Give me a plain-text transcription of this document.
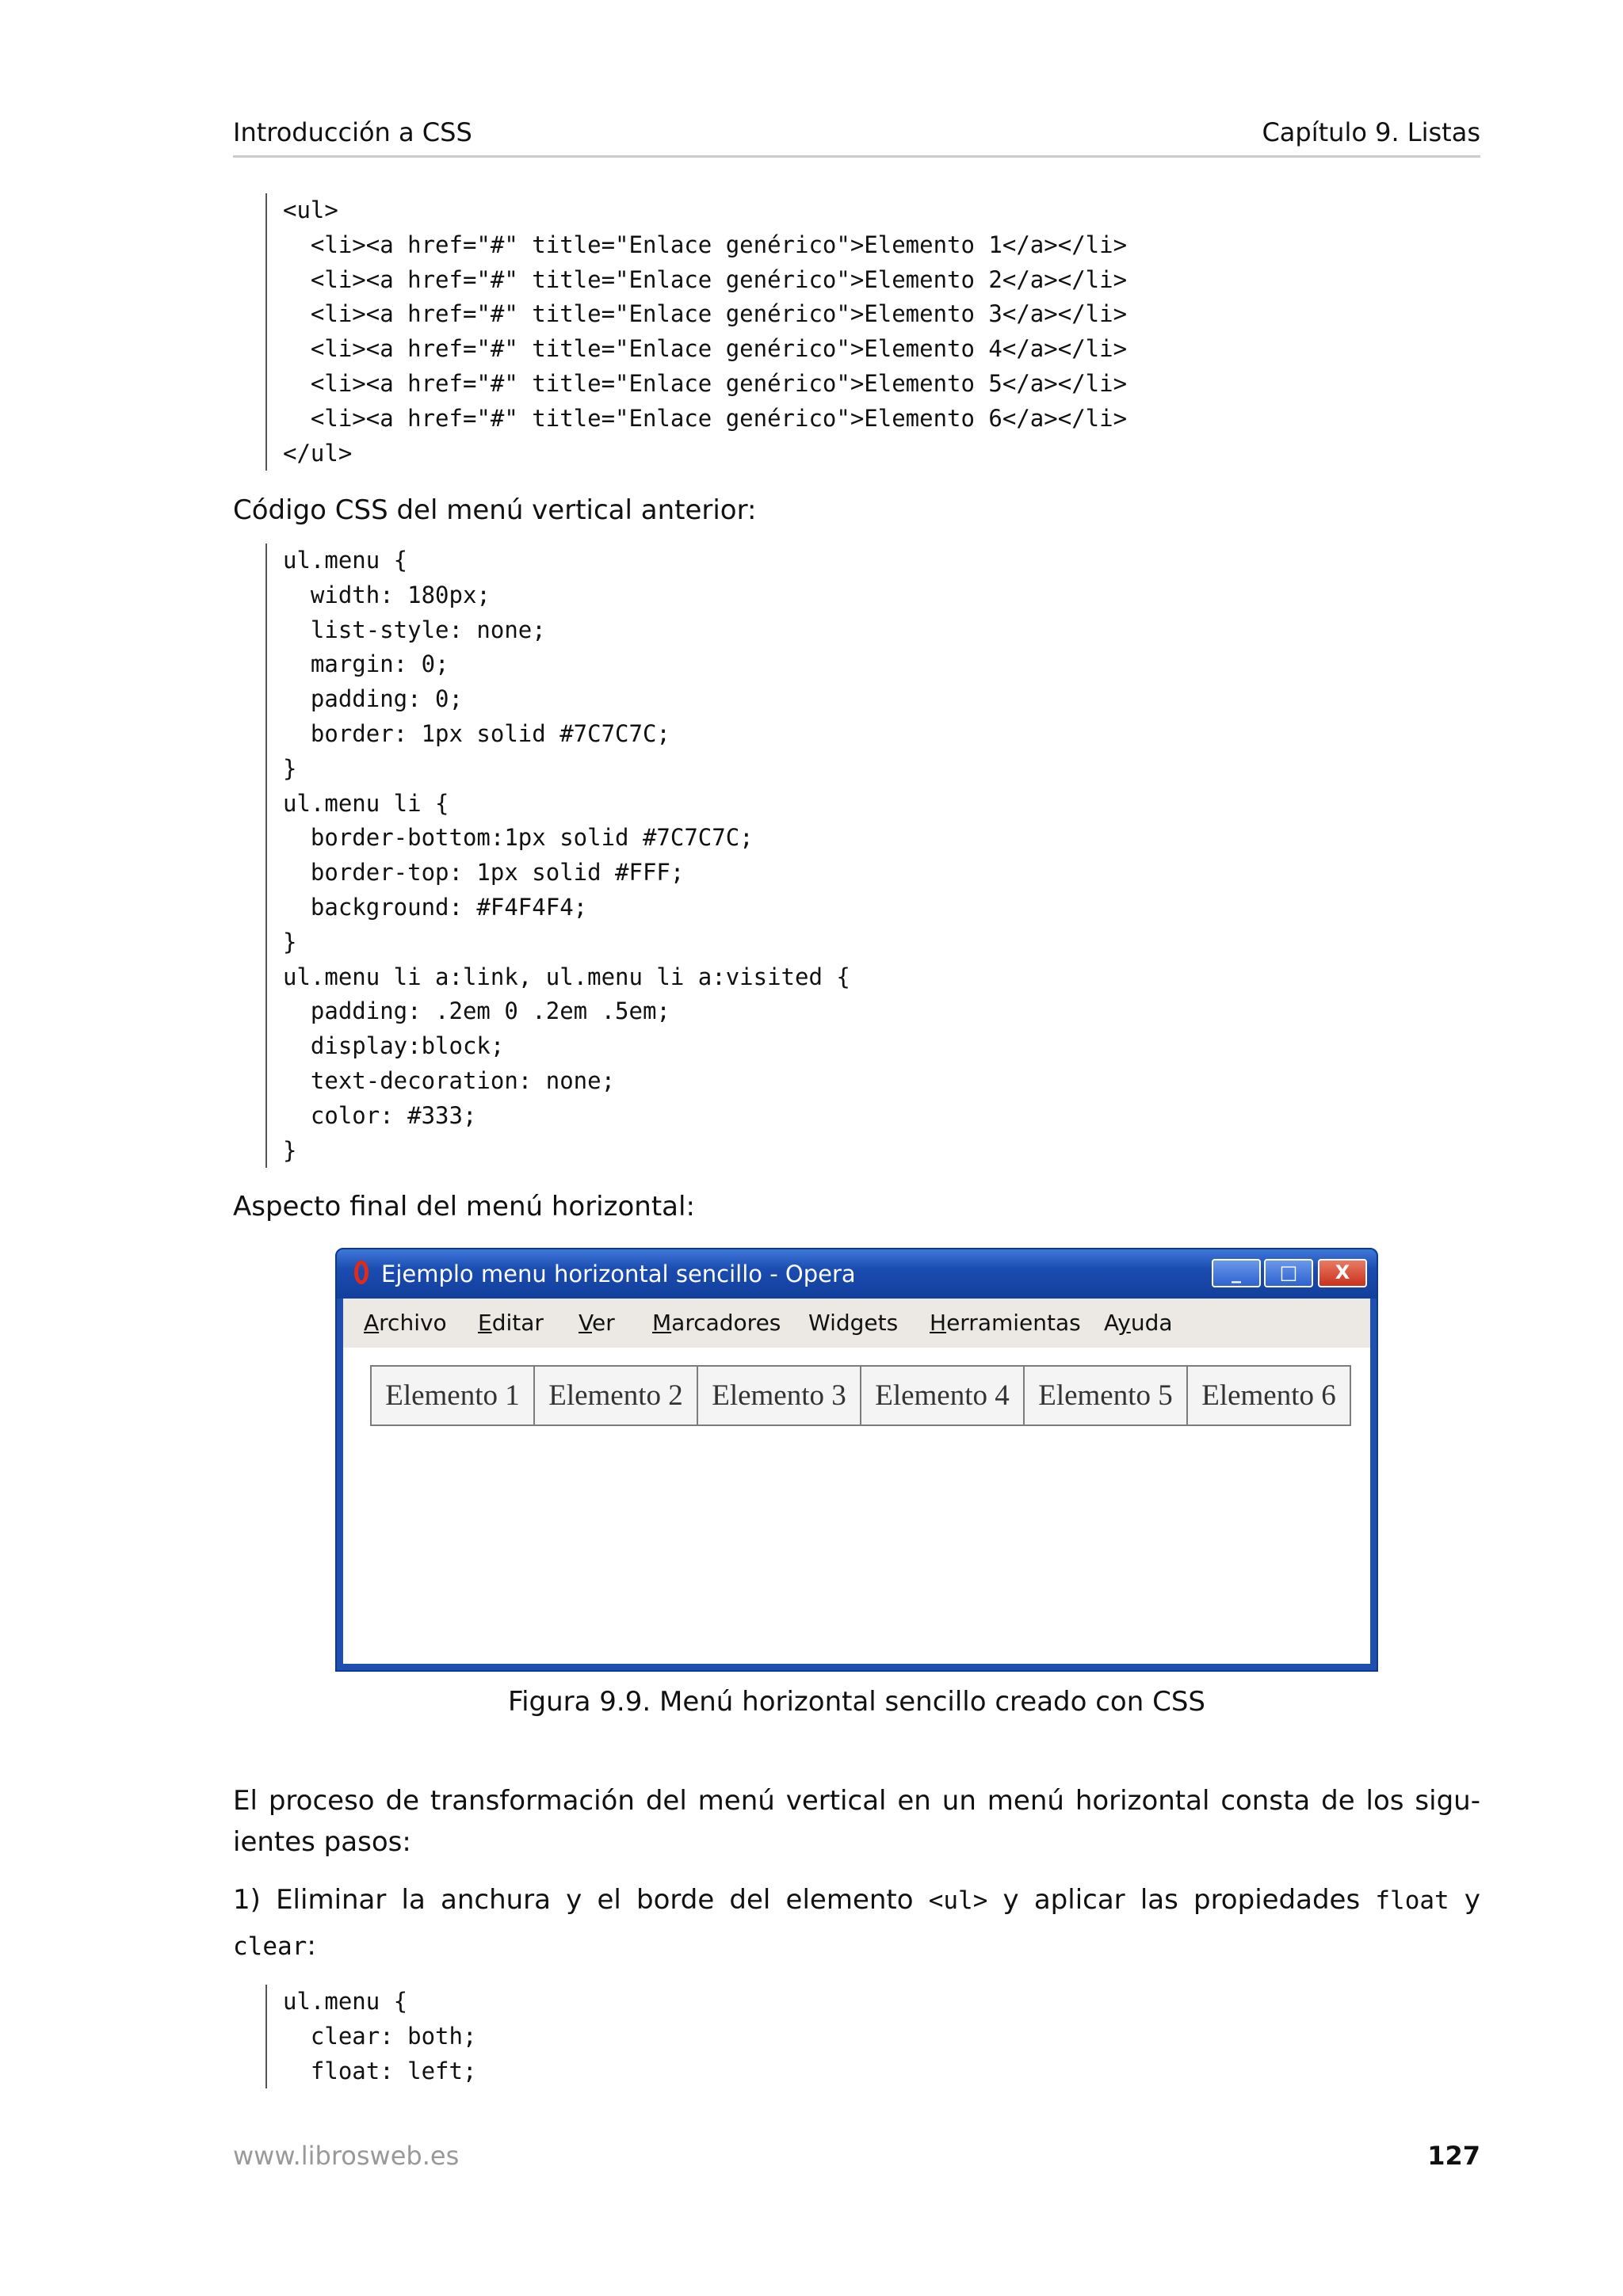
Introducción a CSS	Capítulo 9. Listas
<ul>
<li><a href="#" title="Enlace genérico">Elemento 1</a></li>
<li><a href="#" title="Enlace genérico">Elemento 2</a></li>
<li><a href="#" title="Enlace genérico">Elemento 3</a></li>
<li><a href="#" title="Enlace genérico">Elemento 4</a></li>
<li><a href="#" title="Enlace genérico">Elemento 5</a></li>
<li><a href="#" title="Enlace genérico">Elemento 6</a></li>
</ul>
Código CSS del menú vertical anterior:
ul.menu {
width: 180px;
list-style: none;
margin: 0;
padding: 0;
border: 1px solid #7C7C7C;
}
ul.menu li {
border-bottom:1px solid #7C7C7C;
border-top: 1px solid #FFF;
background: #F4F4F4;
}
ul.menu li a:link, ul.menu li a:visited {
padding: .2em 0 .2em .5em;
display:block;
text-decoration: none;
color: #333;
}
Aspecto final del menú horizontal:
Ejemplo menu horizontal sencillo - Opera	_	□	X
Archivo Editar Ver Marcadores Widgets Herramientas Ayuda
Elemento 1 Elemento 2 Elemento 3 Elemento 4 Elemento 5 Elemento 6
Figura 9.9. Menú horizontal sencillo creado con CSS
El proceso de transformación del menú vertical en un menú horizontal consta de los sigu-
ientes pasos:
1) Eliminar la anchura y el borde del elemento <ul> y aplicar las propiedades float y
clear:
ul.menu {
clear: both;
float: left;
www.librosweb.es	127
